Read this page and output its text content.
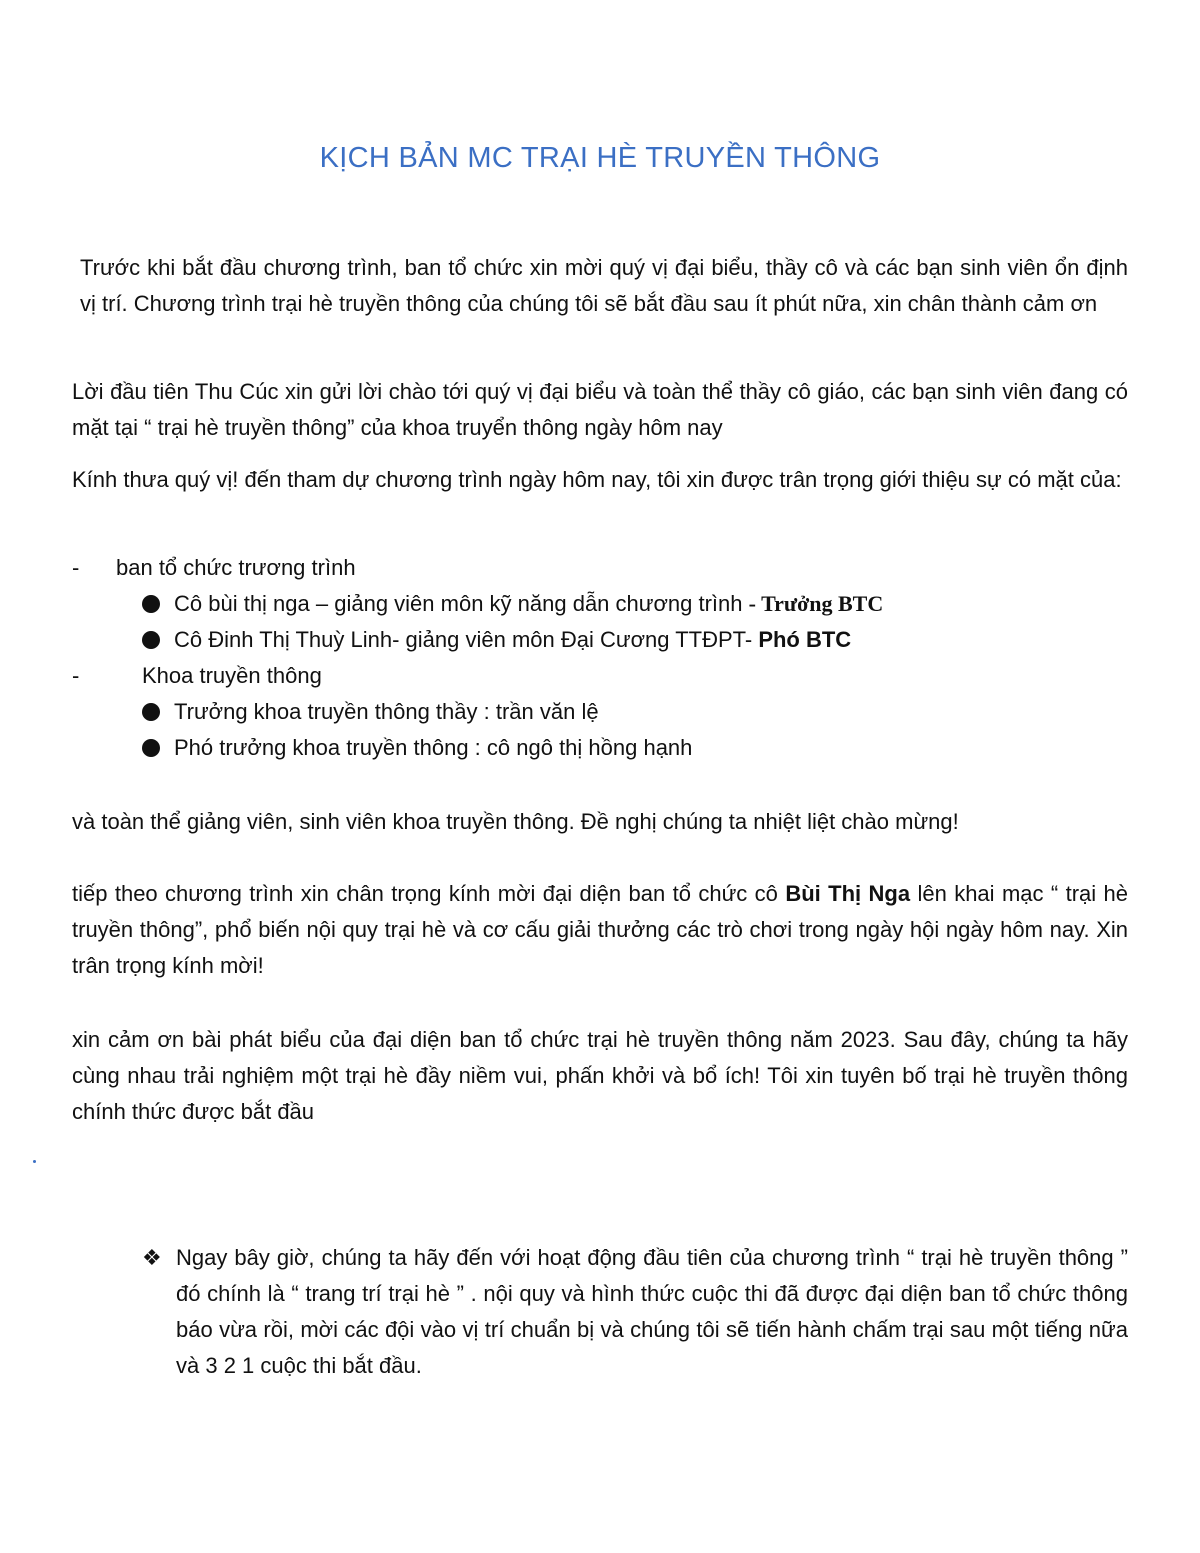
KỊCH BẢN MC TRẠI HÈ TRUYỀN THÔNG

Trước khi bắt đầu chương trình, ban tổ chức xin mời quý vị đại biểu, thầy cô và các bạn sinh viên ổn định vị trí. Chương trình trại hè truyền thông của chúng tôi sẽ bắt đầu sau ít phút nữa, xin chân thành cảm ơn

Lời đầu tiên Thu Cúc xin gửi lời chào tới quý vị đại biểu và toàn thể thầy cô giáo, các bạn sinh viên đang có mặt tại “ trại hè truyền thông” của khoa truyển thông ngày hôm nay

Kính thưa quý vị! đến tham dự chương trình ngày hôm nay, tôi xin được trân trọng giới thiệu sự có mặt của:

- ban tổ chức trương trình
Cô bùi thị nga – giảng viên môn kỹ năng dẫn chương trình - Trưởng BTC
Cô Đinh Thị Thuỳ Linh- giảng viên môn Đại Cương TTĐPT- Phó BTC
-	Khoa truyền thông
Trưởng khoa truyền thông thầy : trần văn lệ
Phó trưởng khoa truyền thông : cô ngô thị hồng hạnh

và toàn thể giảng viên, sinh viên khoa truyền thông. Đề nghị chúng ta nhiệt liệt chào mừng!

tiếp theo chương trình xin chân trọng kính mời đại diện ban tổ chức cô Bùi Thị Nga lên khai mạc “ trại hè truyền thông”, phổ biến nội quy trại hè và cơ cấu giải thưởng các trò chơi trong ngày hội ngày hôm nay. Xin trân trọng kính mời!

xin cảm ơn bài phát biểu của đại diện ban tổ chức trại hè truyền thông năm 2023. Sau đây, chúng ta hãy cùng nhau trải nghiệm một trại hè đầy niềm vui, phấn khởi và bổ ích! Tôi xin tuyên bố trại hè truyền thông chính thức được bắt đầu

❖ Ngay bây giờ, chúng ta hãy đến với hoạt động đầu tiên của chương trình “ trại hè truyền thông ” đó chính là “ trang trí trại hè ” . nội quy và hình thức cuộc thi đã được đại diện ban tổ chức thông báo vừa rồi, mời các đội vào vị trí chuẩn bị và chúng tôi sẽ tiến hành chấm trại sau một tiếng nữa và 3 2 1 cuộc thi bắt đầu.
